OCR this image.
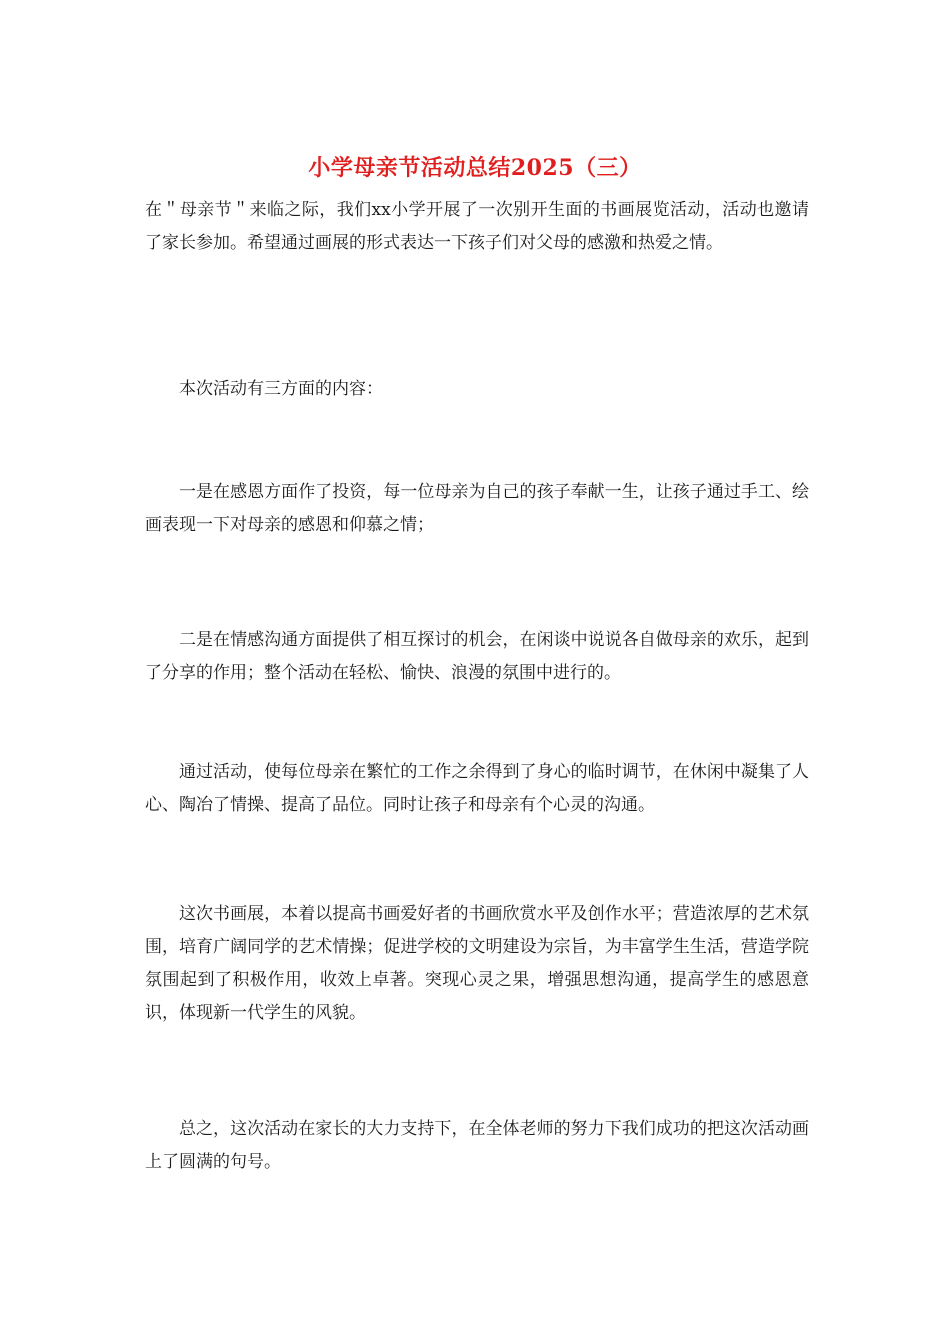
小学母亲节活动总结2025（三）

在＂母亲节＂来临之际，我们xx小学开展了一次别开生面的书画展览活动，活动也邀请了家长参加。希望通过画展的形式表达一下孩子们对父母的感激和热爱之情。

本次活动有三方面的内容：

一是在感恩方面作了投资，每一位母亲为自己的孩子奉献一生，让孩子通过手工、绘画表现一下对母亲的感恩和仰慕之情；

二是在情感沟通方面提供了相互探讨的机会，在闲谈中说说各自做母亲的欢乐，起到了分享的作用；整个活动在轻松、愉快、浪漫的氛围中进行的。

通过活动，使每位母亲在繁忙的工作之余得到了身心的临时调节，在休闲中凝集了人心、陶冶了情操、提高了品位。同时让孩子和母亲有个心灵的沟通。

这次书画展，本着以提高书画爱好者的书画欣赏水平及创作水平；营造浓厚的艺术氛围，培育广阔同学的艺术情操；促进学校的文明建设为宗旨，为丰富学生生活，营造学院氛围起到了积极作用，收效上卓著。突现心灵之果，增强思想沟通，提高学生的感恩意识，体现新一代学生的风貌。

总之，这次活动在家长的大力支持下，在全体老师的努力下我们成功的把这次活动画上了圆满的句号。
